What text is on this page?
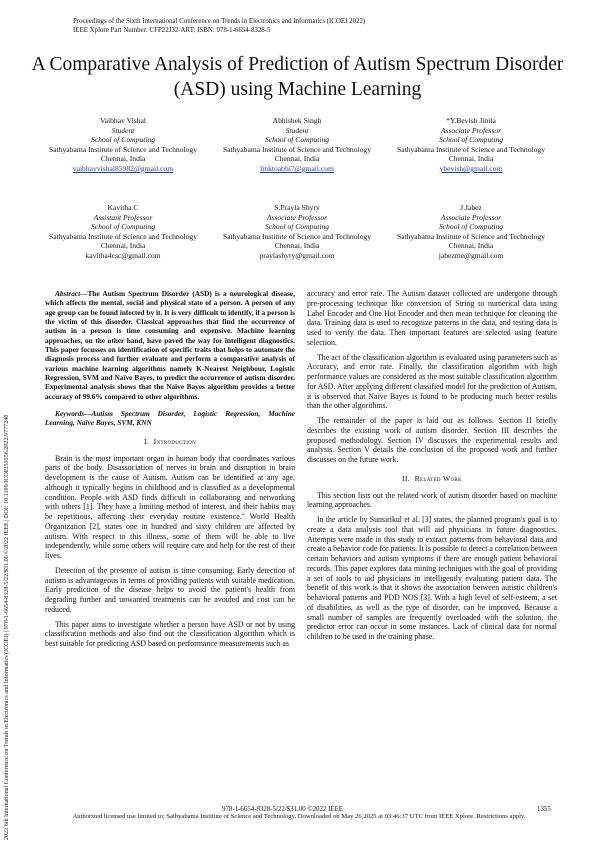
Proceedings of the Sixth International Conference on Trends in Electronics and Informatics (ICOEI 2022)
IEEE Xplore Part Number: CFP22J32-ART; ISBN: 978-1-6654-8328-5
A Comparative Analysis of Prediction of Autism Spectrum Disorder (ASD) using Machine Learning
Vaibhav Vishal
Student
School of Computing
Sathyabama Institute of Science and Technology
Chennai, India
vaibhavvishal85982@gmail.com
Abhishek Singh
Student
School of Computing
Sathyabama Institute of Science and Technology
Chennai, India
linktoabhi7@gmail.com
*Y.Bevish Jinila
Associate Professor
School of Computing
Sathyabama Institute of Science and Technology
Chennai, India
ybevish@gmail.com
Kavitha.C
Assistant Professor
School of Computing
Sathyabama Institute of Science and Technology
Chennai, India
kavitha4csc@gmail.com
S.Prayla Shyry
Associate Professor
School of Computing
Sathyabama Institute of Science and Technology
Chennai, India
praylashyry@gmail.com
J.Jabez
Associate Professor
School of Computing
Sathyabama Institute of Science and Technology
Chennai, India
jabezme@gmail.com
2022 6th International Conference on Trends in Electronics and Informatics (ICOEI) | 978-1-6654-8328-5/22/$31.00 ©2022 IEEE | DOI: 10.1109/ICOEI53556.2022.9777240

Abstract—The Autism Spectrum Disorder (ASD) is a neurological disease, which affects the mental, social and physical state of a person. A person of any age group can be found infected by it. It is very difficult to identify, if a person is the victim of this disorder. Classical approaches that find the occurrence of autism in a person is time consuming and expensive. Machine learning approaches, on the other hand, have paved the way for intelligent diagnostics. This paper focusses on identification of specific traits that helps to automate the diagnosis process and further evaluate and perform a comparative analysis of various machine learning algorithms namely K-Nearest Neighbour, Logistic Regression, SVM and Naïve Bayes, to predict the occurrence of autism disorder. Experimental analysis shows that the Naïve Bayes algorithm provides a better accuracy of 99.6% compared to other algorithms.

Keywords—Autism Spectrum Disorder, Logistic Regression, Machine Learning, Naïve Bayes, SVM, KNN

I. Introduction

Brain is the most important organ in human body that coordinates various parts of the body. Disassociation of nerves in brain and disruption in brain development is the cause of Autism. Autism can be identified at any age, although it typically begins in childhood and is classified as a developmental condition. People with ASD finds difficult in collaborating and networking with others [1]. They have a limiting method of interest, and their habits may be repetitious, affecting their everyday routine existence." World Health Organization [2], states one in hundred and sixty children are affected by autism. With respect to this illness, some of them will be able to live independently, while some others will require care and help for the rest of their lives.

Detection of the presence of autism is time consuming. Early detection of autism is advantageous in terms of providing patients with suitable medication. Early prediction of the disease helps to avoid the patient's health from degrading further and unwanted treatments can be avoided and cost can be reduced.

This paper aims to investigate whether a person have ASD or not by using classification methods and also find out the classification algorithm which is best suitable for predicting ASD based on performance measurements such as

accuracy and error rate. The Autism dataset collected are undergone through pre-processing technique like conversion of String to numerical data using Label Encoder and One Hot Encoder and then mean technique for cleaning the data. Training data is used to recognize patterns in the data, and testing data is used to verify the data. Then important features are selected using feature selection.

The act of the classification algorithm is evaluated using parameters such as Accuracy, and error rate. Finally, the classification algorithm with high performance values are considered as the most suitable classification algorithm for ASD. After applying different classified model for the prediction of Autism, it is observed that Naïve Bayes is found to be producing much better results than the other algorithms.

The remainder of the paper is laid out as follows. Section II briefly describes the existing work of autism disorder. Section III describes the proposed methodology. Section IV discusses the experimental results and analysis. Section V details the conclusion of the proposed work and further discusses on the future work.

II. Related Work

This section lists out the related work of autism disorder based on machine learning approaches.

In the article by Sunsirikul et al. [3] states, the planned program's goal is to create a data analysis tool that will aid physicians in future diagnostics. Attempts were made in this study to extract patterns from behavioral data and create a behavior code for patients. It is possible to detect a correlation between certain behaviors and autism symptoms if there are enough patient behavioral records. This paper explores data mining techniques with the goal of providing a set of tools to aid physicians in intelligently evaluating patient data. The benefit of this work is that it shows the association between autistic children's behavioral patterns and PDD NOS [3]. With a high level of self-esteem, a set of disabilities, as well as the type of disorder, can be improved. Because a small number of samples are frequently overloaded with the solution, the predictor error can occur in some instances. Lack of clinical data for normal children to be used in the training phase.

978-1-6654-8328-5/22/$31.00 ©2022 IEEE	1355
Authorized licensed use limited to: Sathyabama Institute of Science and Technology. Downloaded on May 26,2025 at 03:46:37 UTC from IEEE Xplore. Restrictions apply.
